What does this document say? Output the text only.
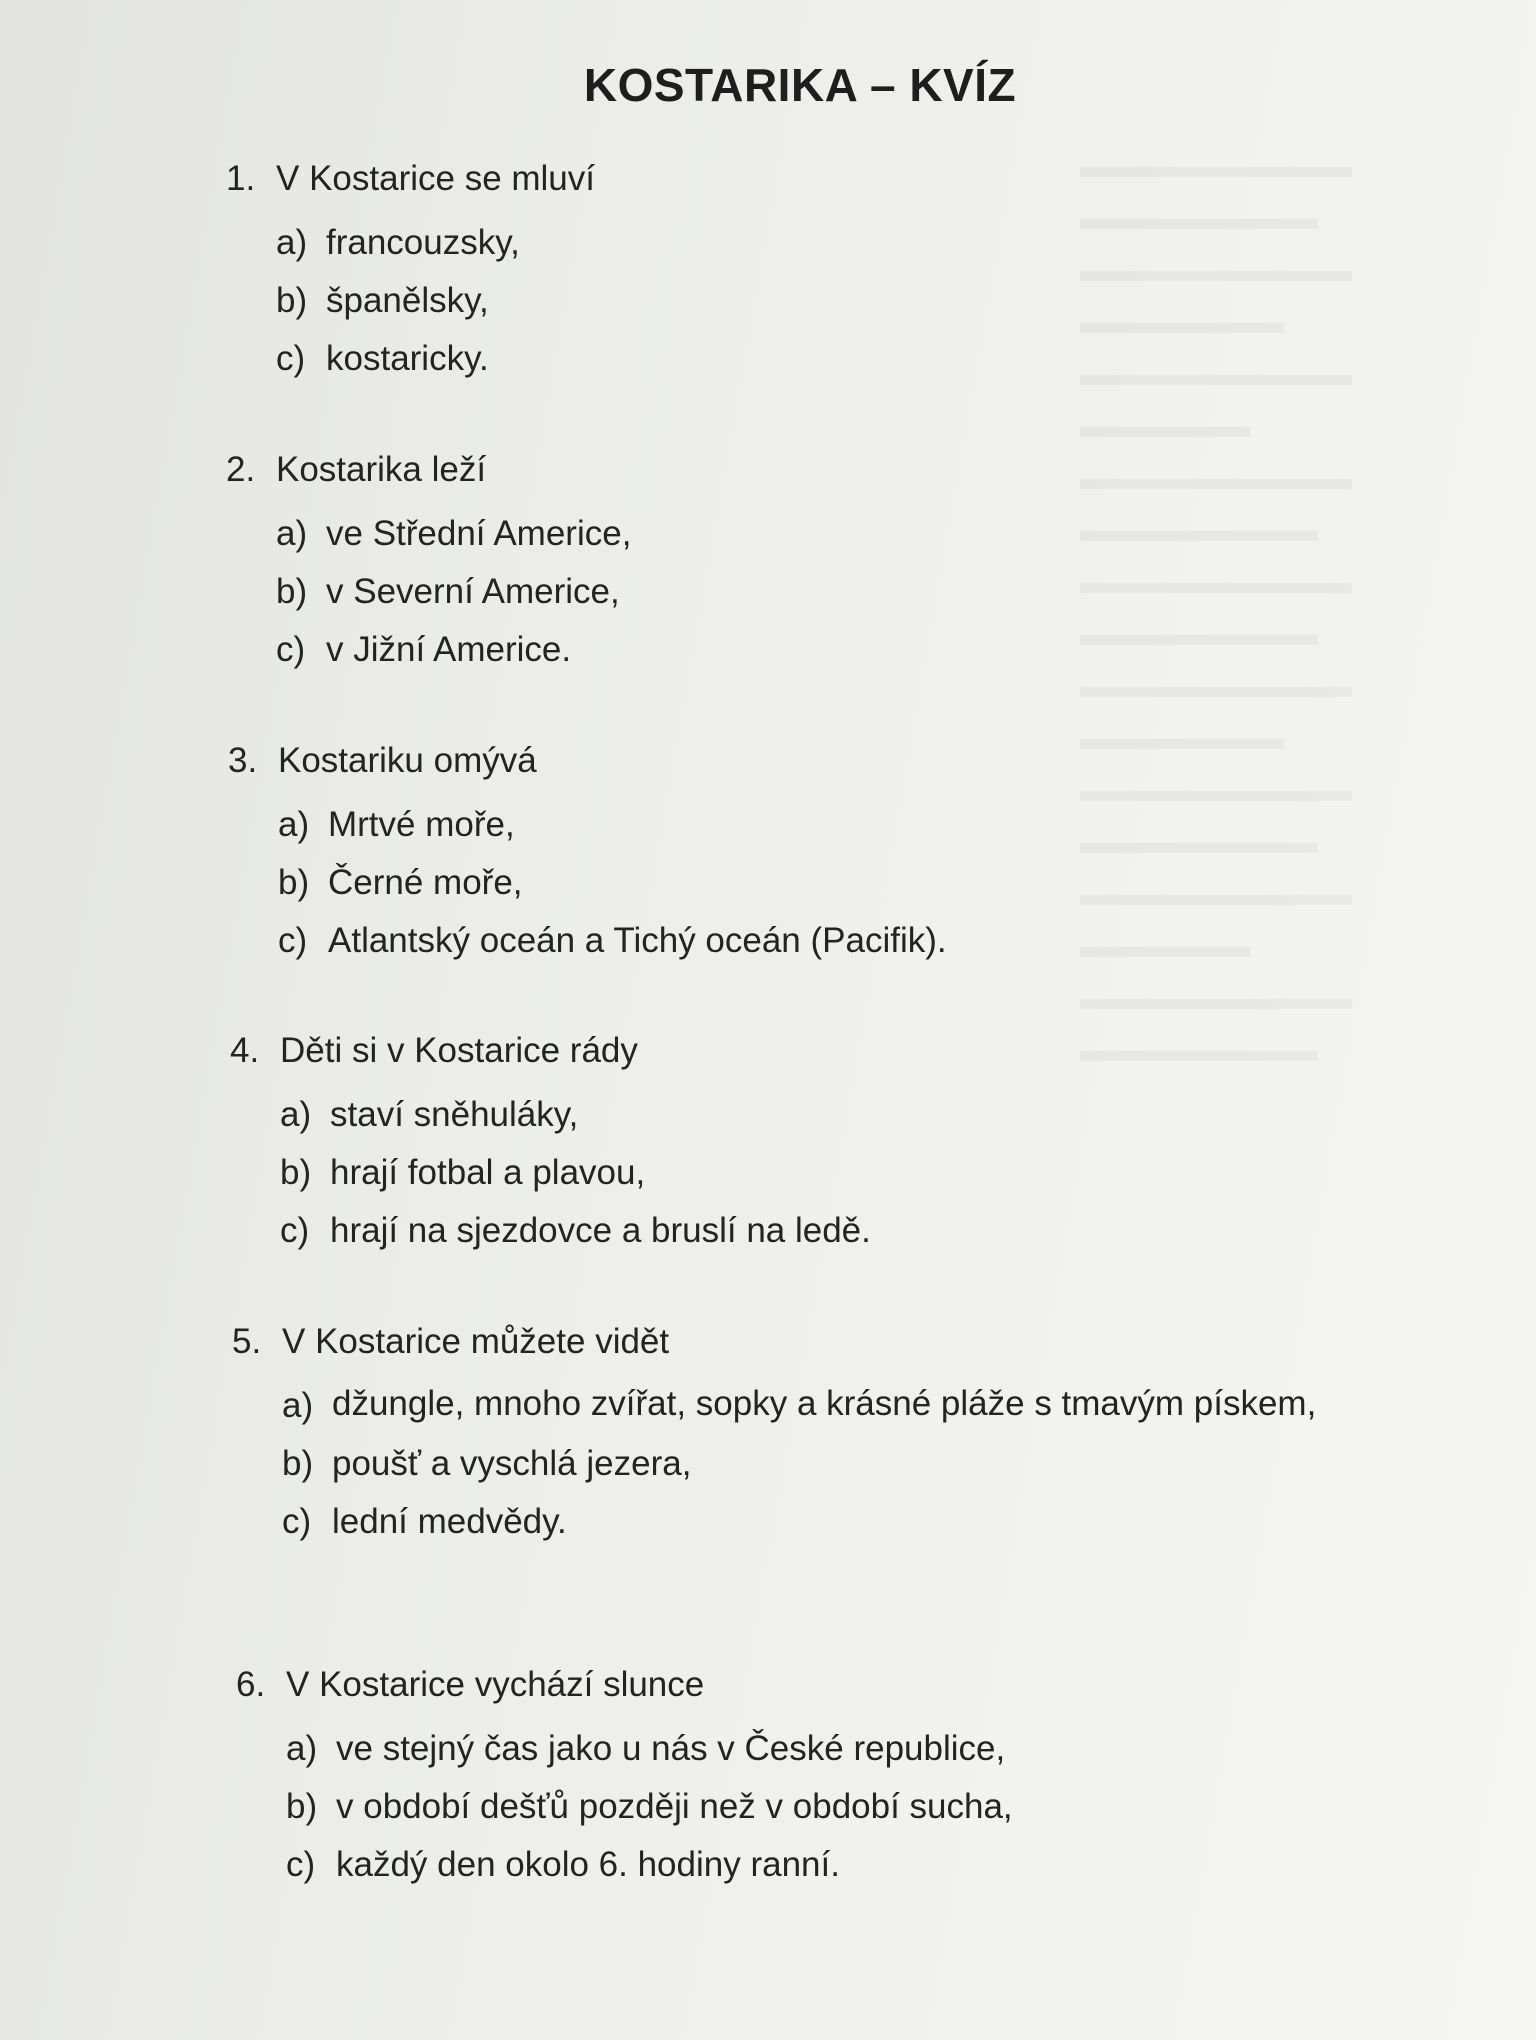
▬▬▬▬▬▬▬▬
▬▬▬▬▬▬▬
▬▬▬▬▬▬▬▬
▬▬▬▬▬▬
▬▬▬▬▬▬▬▬
▬▬▬▬▬
▬▬▬▬▬▬▬▬
▬▬▬▬▬▬▬
▬▬▬▬▬▬▬▬
▬▬▬▬▬▬▬
▬▬▬▬▬▬▬▬
▬▬▬▬▬▬
▬▬▬▬▬▬▬▬
▬▬▬▬▬▬▬
▬▬▬▬▬▬▬▬
▬▬▬▬▬
▬▬▬▬▬▬▬▬
▬▬▬▬▬▬▬
KOSTARIKA – KVÍZ
1. V Kostarice se mluví
a) francouzsky,
b) španělsky,
c) kostaricky.
2. Kostarika leží
a) ve Střední Americe,
b) v Severní Americe,
c) v Jižní Americe.
3. Kostariku omývá
a) Mrtvé moře,
b) Černé moře,
c) Atlantský oceán a Tichý oceán (Pacifik).
4. Děti si v Kostarice rády
a) staví sněhuláky,
b) hrají fotbal a plavou,
c) hrají na sjezdovce a bruslí na ledě.
5. V Kostarice můžete vidět
a) džungle, mnoho zvířat, sopky a krásné pláže s tmavým pískem,
b) poušť a vyschlá jezera,
c) lední medvědy.
6. V Kostarice vychází slunce
a) ve stejný čas jako u nás v České republice,
b) v období dešťů později než v období sucha,
c) každý den okolo 6. hodiny ranní.
